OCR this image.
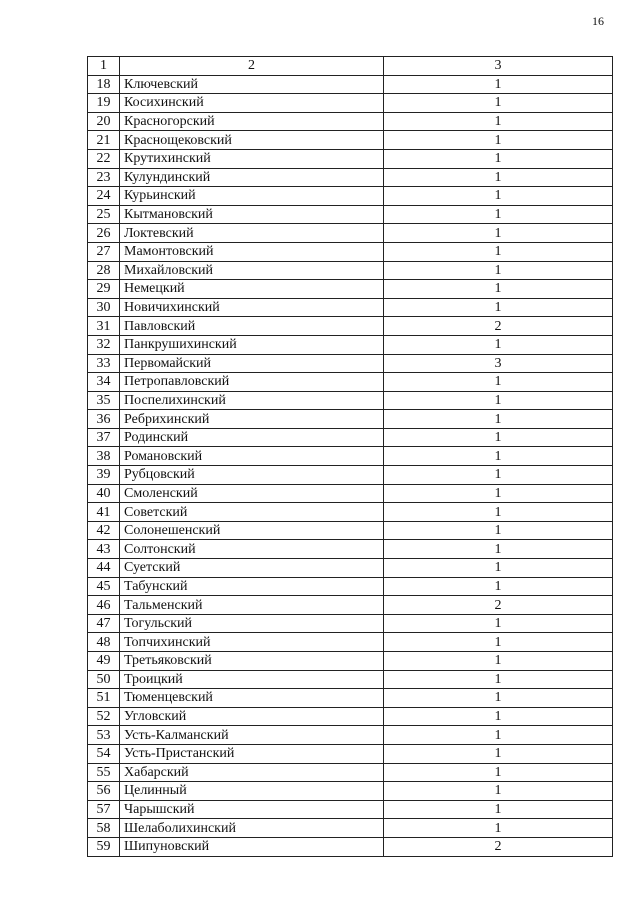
16
1	2	3
18	Ключевский	1
19	Косихинский	1
20	Красногорский	1
21	Краснощековский	1
22	Крутихинский	1
23	Кулундинский	1
24	Курьинский	1
25	Кытмановский	1
26	Локтевский	1
27	Мамонтовский	1
28	Михайловский	1
29	Немецкий	1
30	Новичихинский	1
31	Павловский	2
32	Панкрушихинский	1
33	Первомайский	3
34	Петропавловский	1
35	Поспелихинский	1
36	Ребрихинский	1
37	Родинский	1
38	Романовский	1
39	Рубцовский	1
40	Смоленский	1
41	Советский	1
42	Солонешенский	1
43	Солтонский	1
44	Суетский	1
45	Табунский	1
46	Тальменский	2
47	Тогульский	1
48	Топчихинский	1
49	Третьяковский	1
50	Троицкий	1
51	Тюменцевский	1
52	Угловский	1
53	Усть-Калманский	1
54	Усть-Пристанский	1
55	Хабарский	1
56	Целинный	1
57	Чарышский	1
58	Шелаболихинский	1
59	Шипуновский	2
